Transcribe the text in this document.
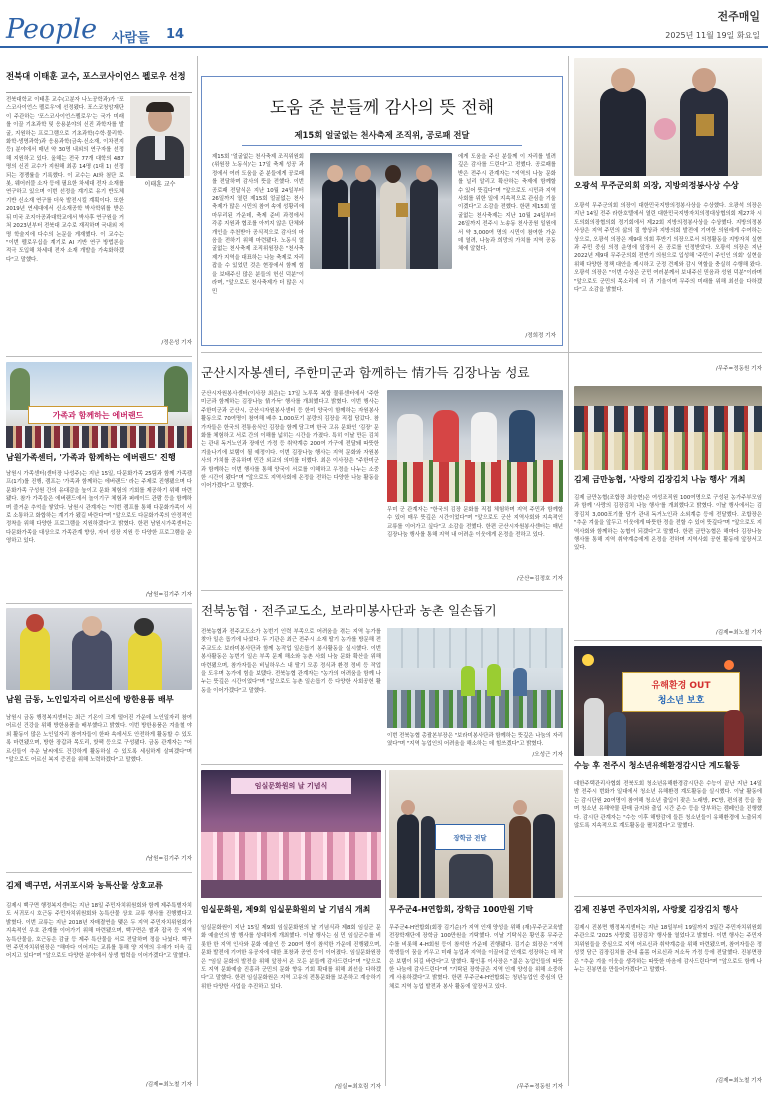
People 사람들 14
전주매일
2025년 11월 19일 화요일
전북대 이태훈 교수, 포스코사이언스 펠로우 선정
전북대학교 이태훈 교수(고분자 나노공학과)가 '포스코사이언스 펠로우'에 선정됐다. 포스코청암재단이 주관하는 '포스코사이언스펠로우'는 국가 미래를 이끌 기초과학 및 응용분야의 신진 과학자를 발굴, 지원하는 프로그램으로 기초과학(수학·물리학·화학·생명과학)과 응용과학(금속·신소재, 이차전지 등) 분야에서 매년 약 30명 내외의 연구자를 선정해 지원하고 있다. 올해는 전국 77개 대학의 487명의 신진 교수가 지원해 최종 14명 (1대 1) 선정되는 경쟁률을 기록했다. 이 교수는 AI와 첨단 로봇, 웨어러블 소자 등에 필요한 차세대 전자 소재를 연구하고 있으며 이번 선정을 계기로 유기 반도체 기반 신소재 연구를 더욱 발전시킬 계획이다. 또한 2019년 연세대에서 신소재공학 박사학위를 받은 뒤 미국 조지아공과대학교에서 박사후 연구원을 거쳐 2023년부터 전북대 교수로 재직하며 국내외 저명 학술지에 다수의 논문을 게재했다. 이 교수는 "이번 펠로우십을 계기로 AI 기반 연구 방법론을 적극 도입해 차세대 전자 소재 개발을 가속화하겠다"고 말했다.
이태훈 교수
/정은성 기자
가족과 함께하는 에버랜드
남원가족센터, '가족과 함께하는 에버랜드' 진행
남원시 가족센터(센터장 나성주)는 지난 15일, 다문화가족 25팀과 함께 가족캠프(1기)를 진행, 캠프는 '가족과 함께하는 에버랜드' 라는 주제로 진행됐으며 다문화가족 구성원 간의 유대감을 높이고 문화 체험의 기회를 제공하기 위해 마련됐다. 참가 가족들은 에버랜드에서 놀이기구 체험과 퍼레이드 관람 등을 함께하며 즐거운 추억을 쌓았다. 남원시 관계자는 "이번 캠프를 통해 다문화가족이 서로 소통하고 화합하는 계기가 됐길 바란다"며 "앞으로도 다문화가족의 안정적인 정착을 위해 다양한 프로그램을 지원하겠다"고 밝혔다. 한편 남원시가족센터는 다문화가족을 대상으로 가족관계 향상, 자녀 성장 지원 등 다양한 프로그램을 운영하고 있다.
/남원=김기주 기자
남원 금동, 노인일자리 어르신에 방한용품 배부
남원시 금동 행정복지센터는 최근 기온이 크게 떨어진 가운데 노인일자리 참여 어르신 건강을 위해 방한용품을 배부했다고 밝혔다. 이번 방한용품은 겨울철 야외 활동이 많은 노인일자리 참여자들이 한파 속에서도 안전하게 활동할 수 있도록 마련됐으며, 방한 장갑과 목도리, 핫팩 등으로 구성됐다. 금동 관계자는 "어르신들이 추운 날씨에도 건강하게 활동하실 수 있도록 세심하게 살피겠다"며 "앞으로도 어르신 복지 증진을 위해 노력하겠다"고 말했다.
/남원=김기주 기자
김제 백구면, 서귀포시와 농특산물 상호교류
김제시 백구면 행정복지센터는 지난 18일 주민자치위원회와 함께 제주특별자치도 서귀포시 호근동 주민자치위원회와 농특산물 상호 교류 행사를 진행했다고 밝혔다. 이번 교류는 지난 2018년 자매결연을 맺은 두 지역 주민자치위원회가 지속적인 우호 관계를 이어가기 위해 마련됐으며, 백구면은 쌀과 잡곡 등 지역 농특산물을, 호근동은 감귤 등 제주 특산물을 서로 전달하며 정을 나눴다. 백구면 주민자치위원장은 "해마다 이어지는 교류를 통해 양 지역의 우애가 더욱 깊어지고 있다"며 "앞으로도 다양한 분야에서 상생 협력을 이어가겠다"고 말했다.
/김제=최노철 기자
도움 준 분들께 감사의 뜻 전해
제15회 얼굴없는 천사축제 조직위, 공로패 전달
제15회 '얼굴없는 천사축제 조직위원회(위원장 노동식)'는 17일 축제 성공 과정에서 여러 도움을 준 분들에게 공로패를 전달하며 감사의 뜻을 전했다. 이번 공로패 전달식은 지난 10월 24일부터 26일까지 열린 제15회 얼굴없는 천사축제가 많은 시민의 참여 속에 성황리에 마무리된 가운데, 축제 준비 과정에서 각종 지원과 협조를 아끼지 않은 단체와 개인을 추천받아 공식적으로 감사의 마음을 전하기 위해 마련됐다. 노동식 얼굴없는 천사축제 조직위원장은 "천사축제가 지역을 대표하는 나눔 축제로 자리잡을 수 있었던 것은 현장에서 함께 힘을 보태주신 많은 분들의 헌신 덕분"이라며, "앞으로도 천사축제가 더 많은 시민
에게 도움을 주신 분들께 이 자리를 빌려 깊은 감사를 드린다"고 전했다. 공로패를 받은 전주시 관계자는 "지역의 나눔 문화를 널리 알리고 확산하는 축제에 함께할 수 있어 뜻깊다"며 "앞으로도 시민과 지역사회를 위한 일에 지속적으로 관심을 기울이겠다"고 소감을 전했다. 한편 제15회 얼굴없는 천사축제는 지난 10월 24일부터 26일까지 전주시 노송동 천사공원 일원에서 약 3,000여 명의 시민이 참여한 가운데 열려, 나눔과 희망의 가치를 지역 공동체에 알렸다.
/정희정 기자
오광석 무주군의회 의장, 지방의정봉사상 수상
오광석 무주군의회 의장이 대한민국지방의정봉사상을 수상했다. 오광석 의장은 지난 14일 전주 라한호텔에서 열린 대한민국지방자치의정대상협의회 제27차 시도의회의장협의회 정기회에서 제22회 지방의정봉사상을 수상했다. 지방의정봉사상은 지역 주민의 삶의 질 향상과 지방의회 발전에 기여한 의원에게 수여하는 상으로, 오광석 의장은 제9대 의회 후반기 의장으로서 의정활동을 지방자치 실현과 주민 중심 의정 운영에 앞장서 온 공로를 인정받았다. 오광석 의장은 지난 2022년 제9대 무주군의회 전반기 의원으로 입성해 '주민이 주인인 의회' 실현을 위해 다양한 정책 대안을 제시하고 군정 견제와 감시 역할을 충실히 수행해 왔다. 오광석 의장은 "이번 수상은 군민 여러분께서 보내주신 믿음과 성원 덕분"이라며 "앞으로도 군민의 목소리에 더 귀 기울이며 무주의 미래를 위해 최선을 다하겠다"고 소감을 밝혔다.
/무주=정동원 기자
군산시자봉센터, 주한미군과 함께하는 情가득 김장나눔 성료
군산시자원봉사센터(이사장 최은)는 17일 노루목 복합 물류센터에서 '주한미군과 함께하는 김장나눔 情가득' 행사를 개최했다고 밝혔다. 이번 행사는 주한미군과 군산시, 군산시자원봉사센터 등 한미 양국이 함께하는 자원봉사 활동으로 70여명이 참여해 배추 1,000포기 분량의 김장을 직접 담갔다. 참가자들은 한국의 전통음식인 김장을 함께 담그며 한국 고유 문화인 '김장' 문화를 체험하고 서로 간의 이해를 넓히는 시간을 가졌다. 특히 이날 만든 김치는 관내 독거노인과 장애인 가정 등 취약계층 200여 가구에 전달돼 따뜻한 겨울나기에 보탬이 될 예정이다. 이번 김장나눔 행사는 지역 문화와 자원봉사의 가치를 공유하며 민간 외교의 의미를 더했다. 최은 이사장은 "주한미군과 함께하는 이번 행사를 통해 양국이 서로를 이해하고 우정을 나누는 소중한 시간이 됐다"며 "앞으로도 지역사회에 온정을 전하는 다양한 나눔 활동을 이어가겠다"고 말했다.
무미 군 관계자는 "한국의 김장 문화를 직접 체험하며 지역 주민과 함께할 수 있어 매우 뜻깊은 시간이었다"며 "앞으로도 군산 지역사회와 지속적인 교류를 이어가고 싶다"고 소감을 전했다. 한편 군산시자원봉사센터는 매년 김장나눔 행사를 통해 지역 내 어려운 이웃에게 온정을 전하고 있다.
/군산=김정호 기자
김제 금만농협, '사랑의 김장김치 나눔 행사' 개최
김제 금만농협(조합장 최승현)은 여성조직원 100여명으로 구성된 농가주부모임과 함께 '사랑의 김장김치 나눔 행사'를 개최했다고 밝혔다. 이날 행사에서는 김장김치 3,000포기를 담가 관내 독거노인과 소외계층 등에 전달했다. 조합장은 "추운 겨울을 앞두고 이웃에게 따뜻한 정을 전할 수 있어 뜻깊다"며 "앞으로도 지역사회와 함께하는 농협이 되겠다"고 말했다. 한편 금만농협은 해마다 김장나눔 행사를 통해 지역 취약계층에게 온정을 전하며 지역사회 공헌 활동에 앞장서고 있다.
/김제=최노철 기자
전북농협 · 전주교도소, 보라미봉사단과 농촌 일손돕기
전북농협과 전주교도소가 농번기 인력 부족으로 어려움을 겪는 지역 농가를 찾아 일손 돕기에 나섰다. 두 기관은 최근 전주시 소재 딸기 농가를 방문해 전주교도소 보라미봉사단과 함께 농작업 일손돕기 봉사활동을 실시했다. 이번 봉사활동은 농번기 일손 부족 문제 해소와 농촌 사회 나눔 문화 확산을 위해 마련됐으며, 참가자들은 비닐하우스 내 딸기 모종 정식과 환경 정비 등 작업을 도우며 농가에 힘을 보탰다. 전북농협 관계자는 "농가의 어려움을 함께 나누는 뜻깊은 시간이었다"며 "앞으로도 농촌 일손돕기 등 다양한 사회공헌 활동을 이어가겠다"고 말했다.
이번 전북농협 총괄본부장은 "보라미봉사단과 함께하는 뜻깊은 나눔의 자리였다"며 "지역 농업인의 어려움을 해소하는 데 힘쓰겠다"고 밝혔다.
/오성근 기자
유해환경 OUT
청소년 보호
수능 후 전주시 청소년유해환경감시단 계도활동
대한주택관리사협회 전북도회 청소년유해환경감시단은 수능이 끝난 지난 14일 밤 전주시 번화가 일대에서 청소년 유해환경 계도활동을 실시했다. 이날 활동에는 감시단원 20여명이 참여해 청소년 출입이 잦은 노래방, PC방, 편의점 등을 돌며 청소년 유해약물 판매 금지와 출입 시간 준수 등을 당부하는 캠페인을 진행했다. 감시단 관계자는 "수능 이후 해방감에 들뜬 청소년들이 유해환경에 노출되지 않도록 지속적으로 계도활동을 펼치겠다"고 말했다.
김제 진봉면 주민자치위, 사랑愛 김장김치 행사
김제시 진봉면 행정복지센터는 지난 18일부터 19일까지 3일간 주민자치위원회 주관으로 '2025 사랑愛 김장김치' 행사를 열었다고 밝혔다. 이번 행사는 주민자치위원들을 중심으로 지역 어르신과 취약계층을 위해 마련됐으며, 참여자들은 정성껏 담근 김장김치를 관내 홀몸 어르신과 저소득 가정 등에 전달했다. 진봉면장은 "추운 겨울 이웃을 생각하는 따뜻한 마음에 감사드린다"며 "앞으로도 함께 나누는 진봉면을 만들어가겠다"고 말했다.
/김제=최노철 기자
임실문화원의 날 기념식
임실문화원, 제9회 임실문화원의 날 기념식 개최
임실문화원이 지난 15일 제9회 임실문화원의 날 기념식과 제8회 임실군 문화 예술인의 밤 행사를 성대하게 개최했다. 이날 행사는 심 민 임실군수를 비롯한 한 지역 인사와 문화 예술인 등 200여 명이 참석한 가운데 진행됐으며, 문화 발전에 기여한 유공자에 대한 표창과 공연 등이 이어졌다. 임실문화원장은 "임실 문화의 발전을 위해 앞장서 온 모든 분들께 감사드린다"며 "앞으로도 지역 문화예술 진흥과 군민의 문화 향유 기회 확대를 위해 최선을 다하겠다"고 말했다. 한편 임실문화원은 지역 고유의 전통문화를 보존하고 계승하기 위한 다양한 사업을 추진하고 있다.
/임실=최호림 기자
장학금 전달
무주군4-H연합회, 장학금 100만원 기탁
무주군4-H연합회(회장 김기순)가 지역 인재 양성을 위해 (재)무주군교육발전장학재단에 장학금 100만원을 기탁했다. 이날 기탁식은 황인홍 무주군수를 비롯해 4-H회원 등이 참석한 가운데 진행됐다. 김기순 회장은 "지역 학생들이 꿈을 키우고 미래 농업과 지역을 이끌어갈 인재로 성장하는 데 작은 보탬이 되길 바란다"고 말했다. 황인홍 이사장은 "젊은 농업인들의 따뜻한 나눔에 감사드린다"며 "기탁된 장학금은 지역 인재 양성을 위해 소중하게 사용하겠다"고 밝혔다. 한편 무주군4-H연합회는 청년농업인 중심의 단체로 지역 농업 발전과 봉사 활동에 앞장서고 있다.
/무주=정동원 기자
